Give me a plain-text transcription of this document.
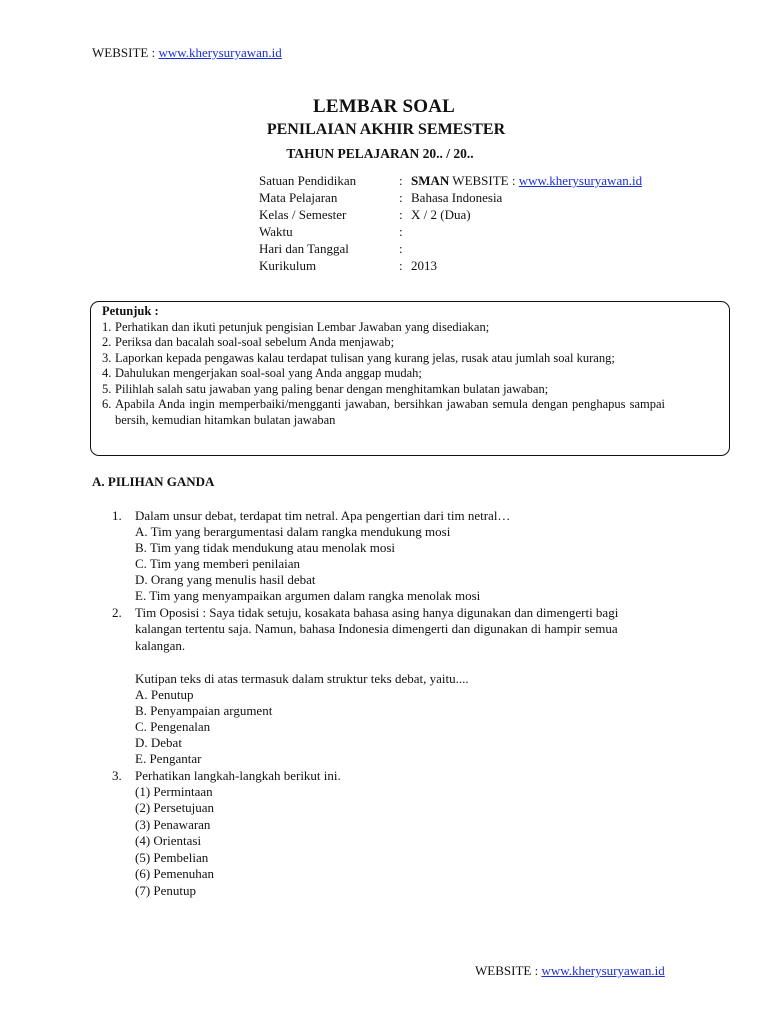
WEBSITE : www.kherysuryawan.id
LEMBAR SOAL
PENILAIAN AKHIR SEMESTER
TAHUN PELAJARAN 20.. / 20..
Satuan Pendidikan	: SMAN WEBSITE : www.kherysuryawan.id
Mata Pelajaran	: Bahasa Indonesia
Kelas / Semester	: X / 2 (Dua)
Waktu	:
Hari dan Tanggal	:
Kurikulum	: 2013
Petunjuk :
1. Perhatikan dan ikuti petunjuk pengisian Lembar Jawaban yang disediakan;
2. Periksa dan bacalah soal-soal sebelum Anda menjawab;
3. Laporkan kepada pengawas kalau terdapat tulisan yang kurang jelas, rusak atau jumlah soal kurang;
4. Dahulukan mengerjakan soal-soal yang Anda anggap mudah;
5. Pilihlah salah satu jawaban yang paling benar dengan menghitamkan bulatan jawaban;
6. Apabila Anda ingin memperbaiki/mengganti jawaban, bersihkan jawaban semula dengan penghapus sampai bersih, kemudian hitamkan bulatan jawaban
A. PILIHAN GANDA
1. Dalam unsur debat, terdapat tim netral. Apa pengertian dari tim netral…
A. Tim yang berargumentasi dalam rangka mendukung mosi
B. Tim yang tidak mendukung atau menolak mosi
C. Tim yang memberi penilaian
D. Orang yang menulis hasil debat
E. Tim yang menyampaikan argumen dalam rangka menolak mosi
2. Tim Oposisi : Saya tidak setuju, kosakata bahasa asing hanya digunakan dan dimengerti bagi kalangan tertentu saja. Namun, bahasa Indonesia dimengerti dan digunakan di hampir semua kalangan.
Kutipan teks di atas termasuk dalam struktur teks debat, yaitu....
A. Penutup
B. Penyampaian argument
C. Pengenalan
D. Debat
E. Pengantar
3. Perhatikan langkah-langkah berikut ini.
(1) Permintaan
(2) Persetujuan
(3) Penawaran
(4) Orientasi
(5) Pembelian
(6) Pemenuhan
(7) Penutup
WEBSITE : www.kherysuryawan.id
